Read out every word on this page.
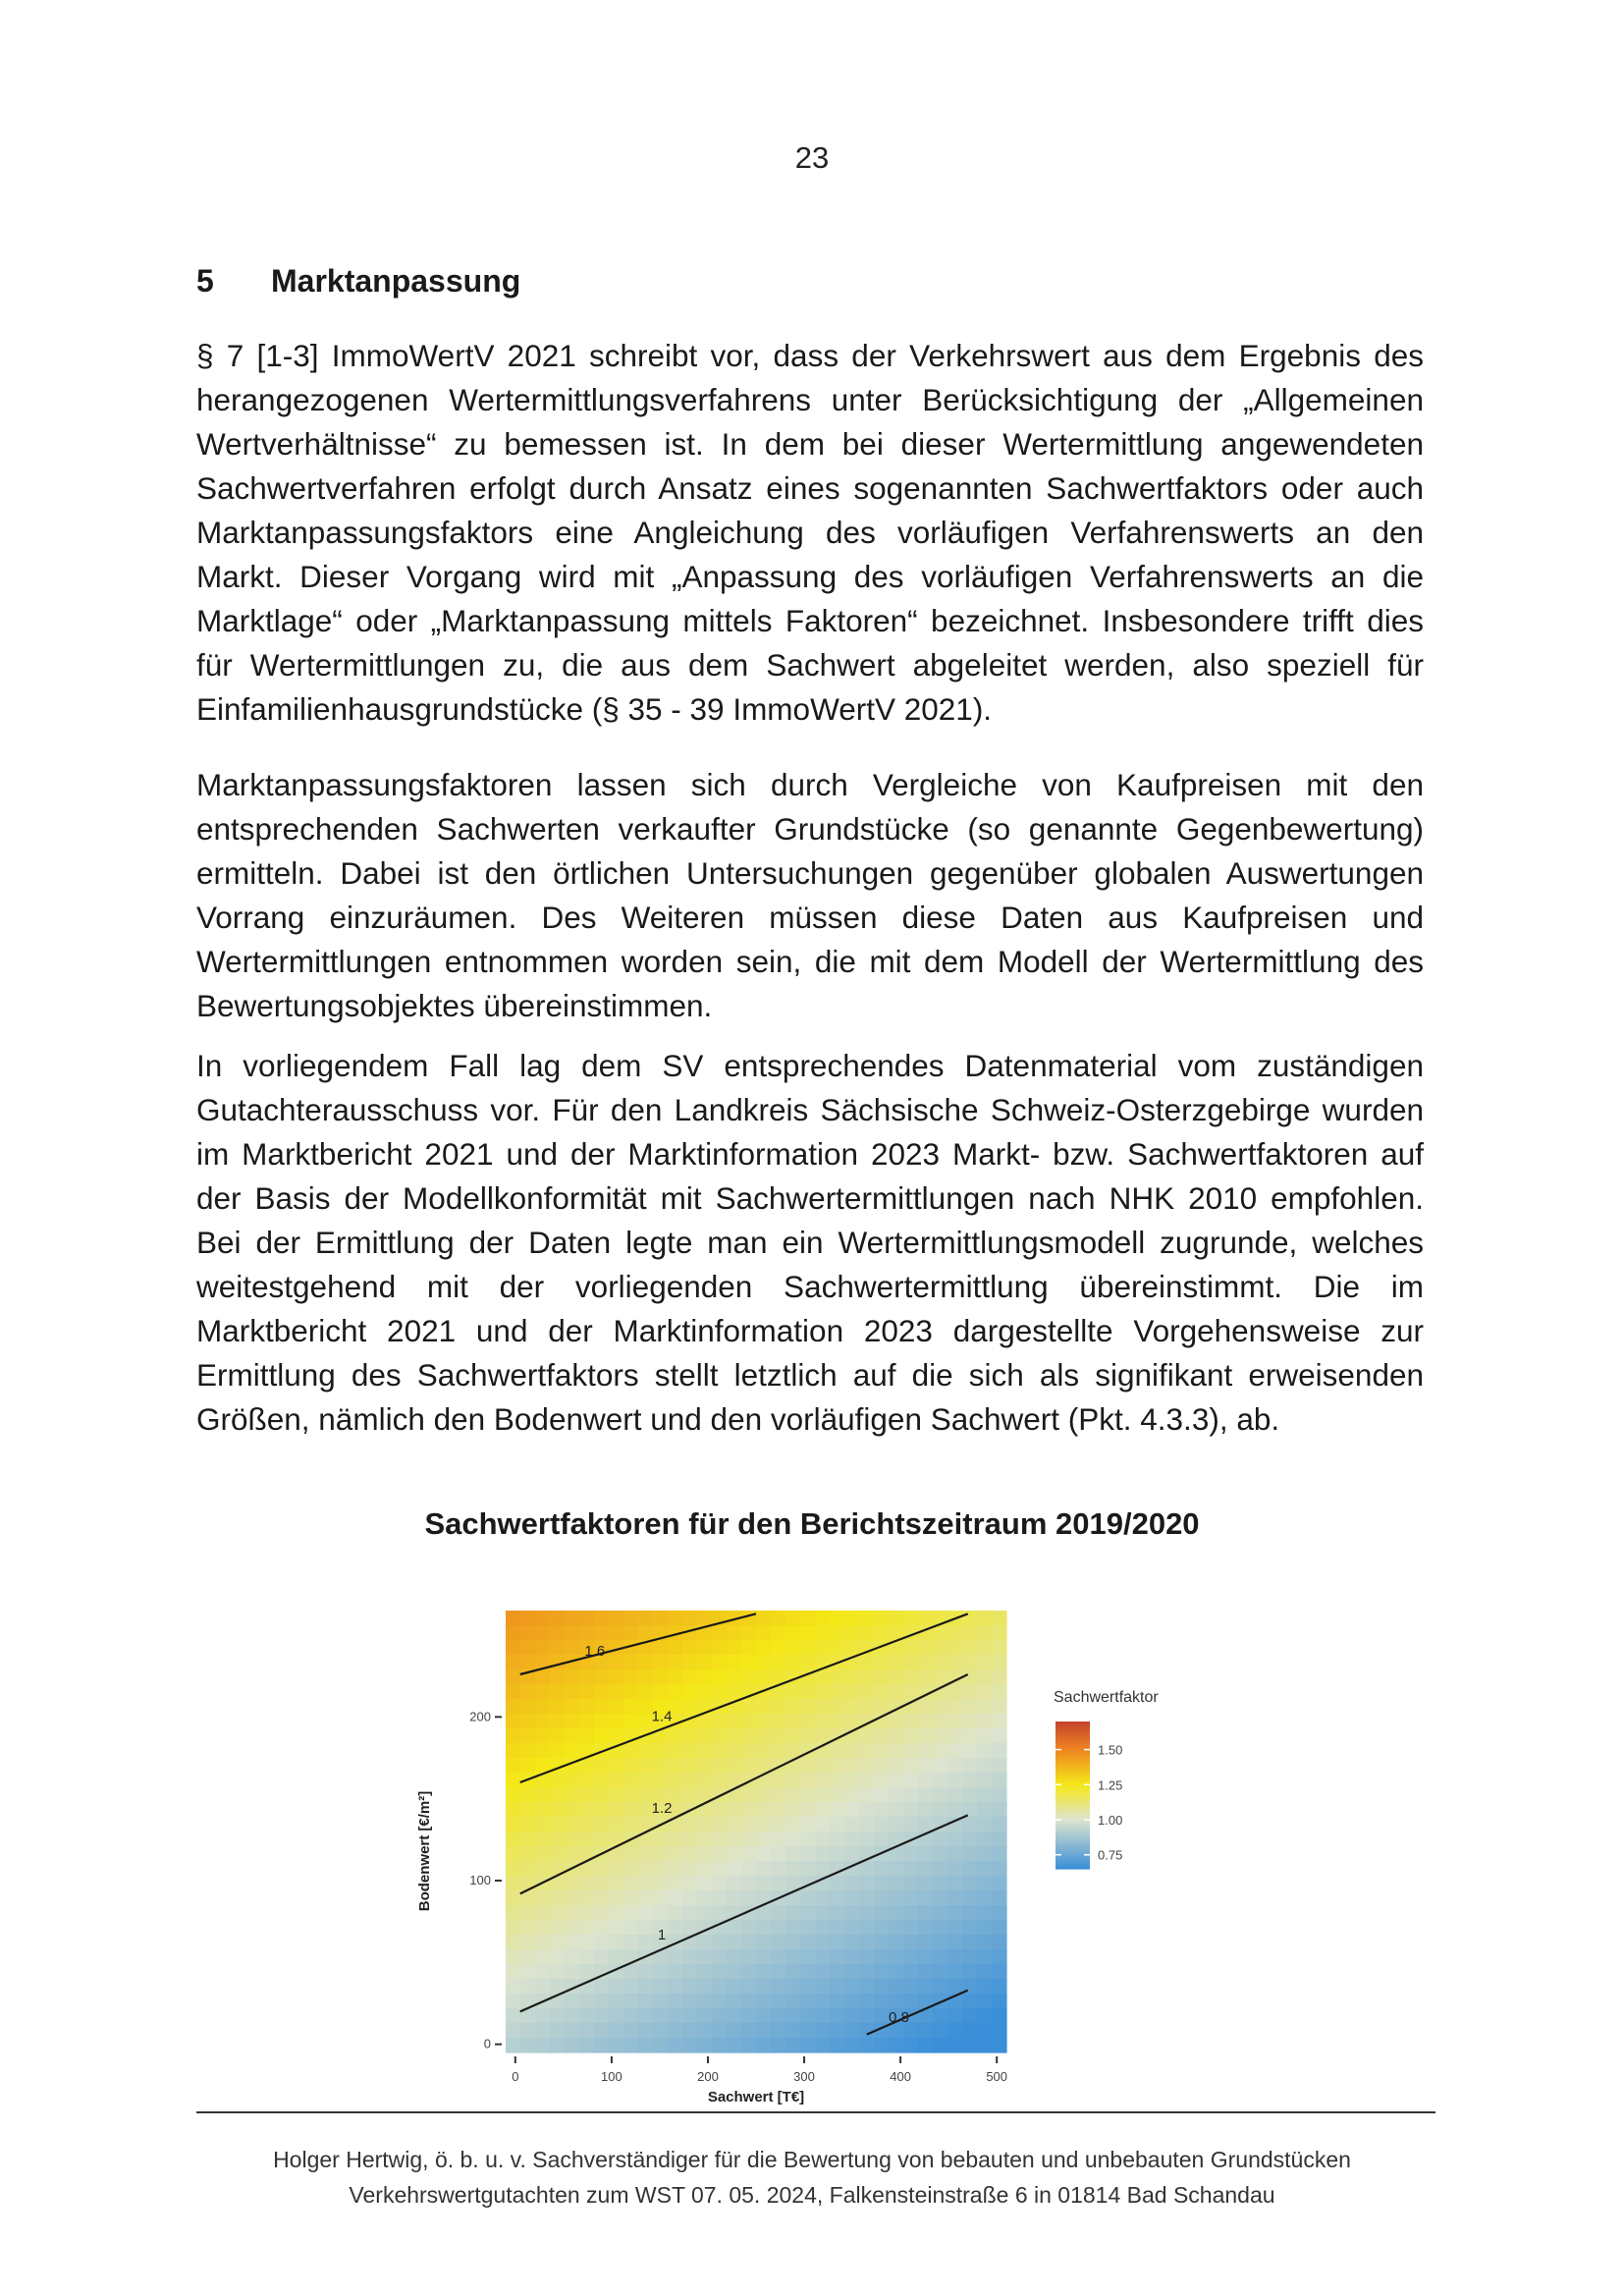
23
5 Marktanpassung

§ 7 [1-3] ImmoWertV 2021 schreibt vor, dass der Verkehrswert aus dem Ergebnis des herangezogenen Wertermittlungsverfahrens unter Berücksichtigung der „Allgemeinen Wertverhältnisse“ zu bemessen ist. In dem bei dieser Wertermittlung angewendeten Sachwertverfahren erfolgt durch Ansatz eines sogenannten Sachwertfaktors oder auch Marktanpassungsfaktors eine Angleichung des vorläufigen Verfahrenswerts an den Markt. Dieser Vorgang wird mit „Anpassung des vorläufigen Verfahrenswerts an die Marktlage“ oder „Marktanpassung mittels Faktoren“ bezeichnet. Insbesondere trifft dies für Wertermittlungen zu, die aus dem Sachwert abgeleitet werden, also speziell für Einfamilienhausgrundstücke (§ 35 - 39 ImmoWertV 2021).

Marktanpassungsfaktoren lassen sich durch Vergleiche von Kaufpreisen mit den entsprechenden Sachwerten verkaufter Grundstücke (so genannte Gegenbewertung) ermitteln. Dabei ist den örtlichen Untersuchungen gegenüber globalen Auswertungen Vorrang einzuräumen. Des Weiteren müssen diese Daten aus Kaufpreisen und Wertermittlungen entnommen worden sein, die mit dem Modell der Wertermittlung des Bewertungsobjektes übereinstimmen.

In vorliegendem Fall lag dem SV entsprechendes Datenmaterial vom zuständigen Gutachterausschuss vor. Für den Landkreis Sächsische Schweiz-Osterzgebirge wurden im Marktbericht 2021 und der Marktinformation 2023 Markt- bzw. Sachwertfaktoren auf der Basis der Modellkonformität mit Sachwertermittlungen nach NHK 2010 empfohlen. Bei der Ermittlung der Daten legte man ein Wertermittlungsmodell zugrunde, welches weitestgehend mit der vorliegenden Sachwertermittlung übereinstimmt. Die im Marktbericht 2021 und der Marktinformation 2023 dargestellte Vorgehensweise zur Ermittlung des Sachwertfaktors stellt letztlich auf die sich als signifikant erweisenden Größen, nämlich den Bodenwert und den vorläufigen Sachwert (Pkt. 4.3.3), ab.

Sachwertfaktoren für den Berichtszeitraum 2019/2020
0.8
1
1.2
1.4
1.6
0	100	200	300	400	500
0
100
200
Sachwert [T€]
Bodenwert [€/m²]
Sachwertfaktor
1.50
1.25
1.00
0.75
Holger Hertwig, ö. b. u. v. Sachverständiger für die Bewertung von bebauten und unbebauten Grundstücken
Verkehrswertgutachten zum WST 07. 05. 2024, Falkensteinstraße 6 in 01814 Bad Schandau
